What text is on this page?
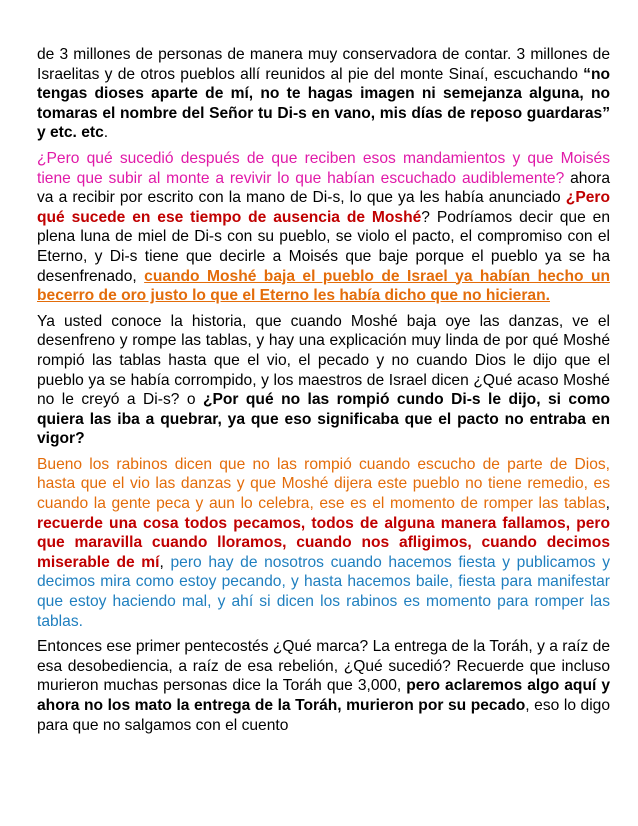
de 3 millones de personas de manera muy conservadora de contar. 3 millones de Israelitas y de otros pueblos allí reunidos al pie del monte Sinaí, escuchando “no tengas dioses aparte de mí, no te hagas imagen ni semejanza alguna, no tomaras el nombre del Señor tu Di-s en vano, mis días de reposo guardaras” y etc. etc.

¿Pero qué sucedió después de que reciben esos mandamientos y que Moisés tiene que subir al monte a revivir lo que habían escuchado audiblemente? ahora va a recibir por escrito con la mano de Di-s, lo que ya les había anunciado ¿Pero qué sucede en ese tiempo de ausencia de Moshé? Podríamos decir que en plena luna de miel de Di-s con su pueblo, se violo el pacto, el compromiso con el Eterno, y Di-s tiene que decirle a Moisés que baje porque el pueblo ya se ha desenfrenado, cuando Moshé baja el pueblo de Israel ya habían hecho un becerro de oro justo lo que el Eterno les había dicho que no hicieran.

Ya usted conoce la historia, que cuando Moshé baja oye las danzas, ve el desenfreno y rompe las tablas, y hay una explicación muy linda de por qué Moshé rompió las tablas hasta que el vio, el pecado y no cuando Dios le dijo que el pueblo ya se había corrompido, y los maestros de Israel dicen ¿Qué acaso Moshé no le creyó a Di-s? o ¿Por qué no las rompió cundo Di-s le dijo, si como quiera las iba a quebrar, ya que eso significaba que el pacto no entraba en vigor?

Bueno los rabinos dicen que no las rompió cuando escucho de parte de Dios, hasta que el vio las danzas y que Moshé dijera este pueblo no tiene remedio, es cuando la gente peca y aun lo celebra, ese es el momento de romper las tablas, recuerde una cosa todos pecamos, todos de alguna manera fallamos, pero que maravilla cuando lloramos, cuando nos afligimos, cuando decimos miserable de mí, pero hay de nosotros cuando hacemos fiesta y publicamos y decimos mira como estoy pecando, y hasta hacemos baile, fiesta para manifestar que estoy haciendo mal, y ahí si dicen los rabinos es momento para romper las tablas.

Entonces ese primer pentecostés ¿Qué marca? La entrega de la Toráh, y a raíz de esa desobediencia, a raíz de esa rebelión, ¿Qué sucedió? Recuerde que incluso murieron muchas personas dice la Toráh que 3,000, pero aclaremos algo aquí y ahora no los mato la entrega de la Toráh, murieron por su pecado, eso lo digo para que no salgamos con el cuento
